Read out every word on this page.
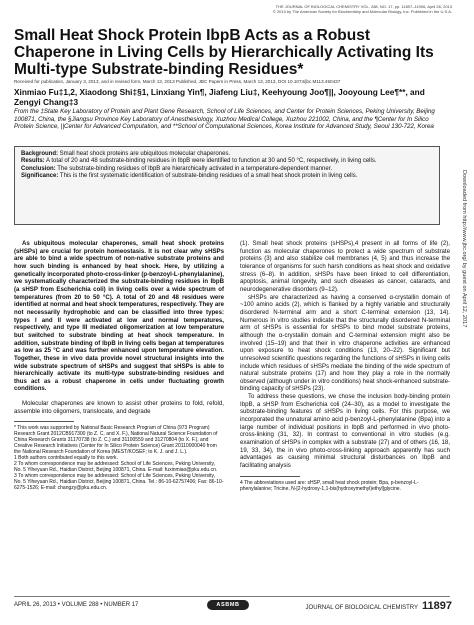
THE JOURNAL OF BIOLOGICAL CHEMISTRY VOL. 288, NO. 17, pp. 11897–11906, April 26, 2013
© 2013 by The American Society for Biochemistry and Molecular Biology, Inc. Published in the U.S.A.
Small Heat Shock Protein IbpB Acts as a Robust Chaperone in Living Cells by Hierarchically Activating Its Multi-type Substrate-binding Residues*
Received for publication, January 3, 2013, and in revised form, March 13, 2013 Published, JBC Papers in Press, March 13, 2013, DOI 10.1074/jbc.M113.450437
Xinmiao Fu‡1,2, Xiaodong Shi‡§1, Linxiang Yin¶, Jiafeng Liu‡, Keehyoung Joo¶||, Jooyoung Lee¶**, and Zengyi Chang‡3
From the ‡State Key Laboratory of Protein and Plant Gene Research, School of Life Sciences, and Center for Protein Sciences, Peking University, Beijing 100871, China, the §Jiangsu Province Key Laboratory of Anesthesiology, Xuzhou Medical College, Xuzhou 221002, China, and the ¶Center for In Silico Protein Science, ||Center for Advanced Computation, and **School of Computational Sciences, Korea Institute for Advanced Study, Seoul 130-722, Korea

Background: Small heat shock proteins are ubiquitous molecular chaperones.

Results: A total of 20 and 48 substrate-binding residues in IbpB were identified to function at 30 and 50 °C, respectively, in living cells.

Conclusion: The substrate-binding residues of IbpB are hierarchically activated in a temperature-dependent manner.

Significance: This is the first systematic identification of substrate-binding residues of a small heat shock protein in living cells.

As ubiquitous molecular chaperones, small heat shock proteins (sHSPs) are crucial for protein homeostasis. It is not clear why sHSPs are able to bind a wide spectrum of non-native substrate proteins and how such binding is enhanced by heat shock. Here, by utilizing a genetically incorporated photo-cross-linker (p-benzoyl-L-phenylalanine), we systematically characterized the substrate-binding residues in IbpB (a sHSP from Escherichia coli) in living cells over a wide spectrum of temperatures (from 20 to 50 °C). A total of 20 and 48 residues were identified at normal and heat shock temperatures, respectively. They are not necessarily hydrophobic and can be classified into three types: types I and II were activated at low and normal temperatures, respectively, and type III mediated oligomerization at low temperature but switched to substrate binding at heat shock temperature. In addition, substrate binding of IbpB in living cells began at temperatures as low as 25 °C and was further enhanced upon temperature elevation. Together, these in vivo data provide novel structural insights into the wide substrate spectrum of sHSPs and suggest that sHSPs is able to hierarchically activate its multi-type substrate-binding residues and thus act as a robust chaperone in cells under fluctuating growth conditions.

Molecular chaperones are known to assist other proteins to fold, refold, assemble into oligomers, translocate, and degrade

* This work was supported by National Basic Research Program of China (973 Program) Research Grant 2012CB917300 (to Z. C. and X. F.), National Natural Science Foundation of China Research Grants 31170738 (to Z. C.) and 31100559 and 31270804 (to X. F.), and Creative Research Initiatives (Center for In Silico Protein Science) Grant 20110000040 from the National Research Foundation of Korea (MEST/KOSEF; to K. J. and J. L.).

1 Both authors contributed equally to this work.

2 To whom correspondence may be addressed: School of Life Sciences, Peking University, No. 5 Yiheyuan Rd., Haidian District, Beijing 100871, China. E-mail: fuxinmiao@pku.edu.cn.

3 To whom correspondence may be addressed: School of Life Sciences, Peking University, No. 5 Yiheyuan Rd., Haidian District, Beijing 100871, China. Tel.: 86-10-62757406; Fax: 86-10-6275-1526; E-mail: changzy@pku.edu.cn.

(1). Small heat shock proteins (sHSPs),4 present in all forms of life (2), function as molecular chaperones to protect a wide spectrum of substrate proteins (3) and also stabilize cell membranes (4, 5) and thus increase the tolerance of organisms for such harsh conditions as heat shock and oxidative stress (6–8). In addition, sHSPs have been linked to cell differentiation, apoptosis, animal longevity, and such diseases as cancer, cataracts, and neurodegenerative disorders (9–12).

sHSPs are characterized as having a conserved α-crystallin domain of ~100 amino acids (2), which is flanked by a highly variable and structurally disordered N-terminal arm and a short C-terminal extension (13, 14). Numerous in vitro studies indicate that the structurally disordered N-terminal arm of sHSPs is essential for sHSPs to bind model substrate proteins, although the α-crystallin domain and C-terminal extension might also be involved (15–19) and that their in vitro chaperone activities are enhanced upon exposure to heat shock conditions (13, 20–22). Significant but unresolved scientific questions regarding the functions of sHSPs in living cells include which residues of sHSPs mediate the binding of the wide spectrum of natural substrate proteins (17) and how they play a role in the normally observed (although under in vitro conditions) heat shock-enhanced substrate-binding capacity of sHSPs (23).

To address these questions, we chose the inclusion body-binding protein IbpB, a sHSP from Escherichia coli (24–30), as a model to investigate the substrate-binding features of sHSPs in living cells. For this purpose, we incorporated the unnatural amino acid p-benzoyl-L-phenylalanine (Bpa) into a large number of individual positions in IbpB and performed in vivo photo-cross-linking (31, 32). In contrast to conventional in vitro studies (e.g. examination of sHSPs in complex with a substrate (27) and of others (16, 18, 19, 33, 34), the in vivo photo-cross-linking approach apparently has such advantages as causing minimal structural disturbances on IbpB and facilitating analysis

4 The abbreviations used are: sHSP, small heat shock protein; Bpa, p-benzoyl-L-phenylalanine; Tricine, N-[2-hydroxy-1,1-bis(hydroxymethyl)ethyl]glycine.

Downloaded from http://www.jbc.org/ by guest on April 12, 2017
APRIL 26, 2013 • VOLUME 288 • NUMBER 17	ASBMB	JOURNAL OF BIOLOGICAL CHEMISTRY 11897
